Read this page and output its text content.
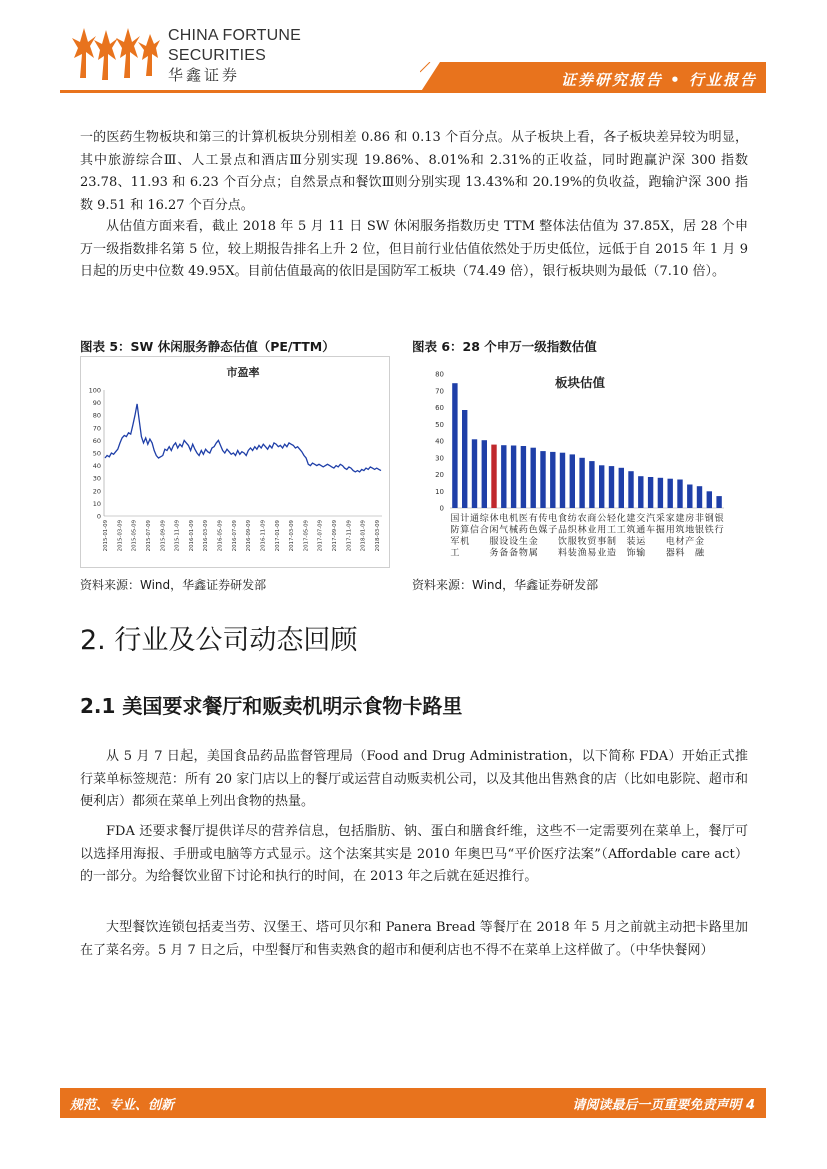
CHINA FORTUNE
SECURITIES
华鑫证券	证券研究报告 • 行业报告
一的医药生物板块和第三的计算机板块分别相差 0.86 和 0.13 个百分点。从子板块上看，各子板块差异较为明显，其中旅游综合Ⅲ、人工景点和酒店Ⅲ分别实现 19.86%、8.01%和 2.31%的正收益，同时跑赢沪深 300 指数 23.78、11.93 和 6.23 个百分点；自然景点和餐饮Ⅲ则分别实现 13.43%和 20.19%的负收益，跑输沪深 300 指数 9.51 和 16.27 个百分点。
从估值方面来看，截止 2018 年 5 月 11 日 SW 休闲服务指数历史 TTM 整体法估值为 37.85X，居 28 个申万一级指数排名第 5 位，较上期报告排名上升 2 位，但目前行业估值依然处于历史低位，远低于自 2015 年 1 月 9 日起的历史中位数 49.95X。目前估值最高的依旧是国防军工板块（74.49 倍），银行板块则为最低（7.10 倍）。
图表 5：SW 休闲服务静态估值（PE/TTM）
市盈率
0
10
20
30
40
50
60
70
80
90
100
2015-01-09 2015-03-09 2015-05-09 2015-07-09 2015-09-09 2015-11-09 2016-01-09 2016-03-09 2016-05-09 2016-07-09 2016-09-09 2016-11-09 2017-01-09 2017-03-09 2017-05-09 2017-07-09 2017-09-09 2017-11-09 2018-01-09 2018-03-09
资料来源：Wind，华鑫证券研发部
图表 6：28 个申万一级指数估值
0
10
20
30
40
50
60
70
80
板块估值
国防军工
计算机
通信
综合
休闲服务
电气设备
机械设备
医药生物
有色金属
传媒
电子
食品饮料
纺织服装
农林牧渔
商业贸易
公用事业
轻工制造
化工
建筑装饰
交通运输
汽车
采掘
家用电器
建筑材料
房地产
非银金融
钢铁
银行
资料来源：Wind，华鑫证券研发部
2. 行业及公司动态回顾
2.1 美国要求餐厅和贩卖机明示食物卡路里
从 5 月 7 日起，美国食品药品监督管理局（Food and Drug Administration，以下简称 FDA）开始正式推行菜单标签规范：所有 20 家门店以上的餐厅或运营自动贩卖机公司，以及其他出售熟食的店（比如电影院、超市和便利店）都须在菜单上列出食物的热量。
FDA 还要求餐厅提供详尽的营养信息，包括脂肪、钠、蛋白和膳食纤维，这些不一定需要列在菜单上，餐厅可以选择用海报、手册或电脑等方式显示。这个法案其实是 2010 年奥巴马“平价医疗法案”（Affordable care act）的一部分。为给餐饮业留下讨论和执行的时间，在 2013 年之后就在延迟推行。
大型餐饮连锁包括麦当劳、汉堡王、塔可贝尔和 Panera Bread 等餐厅在 2018 年 5 月之前就主动把卡路里加在了菜名旁。5 月 7 日之后，中型餐厅和售卖熟食的超市和便利店也不得不在菜单上这样做了。（中华快餐网）
规范、专业、创新	请阅读最后一页重要免责声明 4
